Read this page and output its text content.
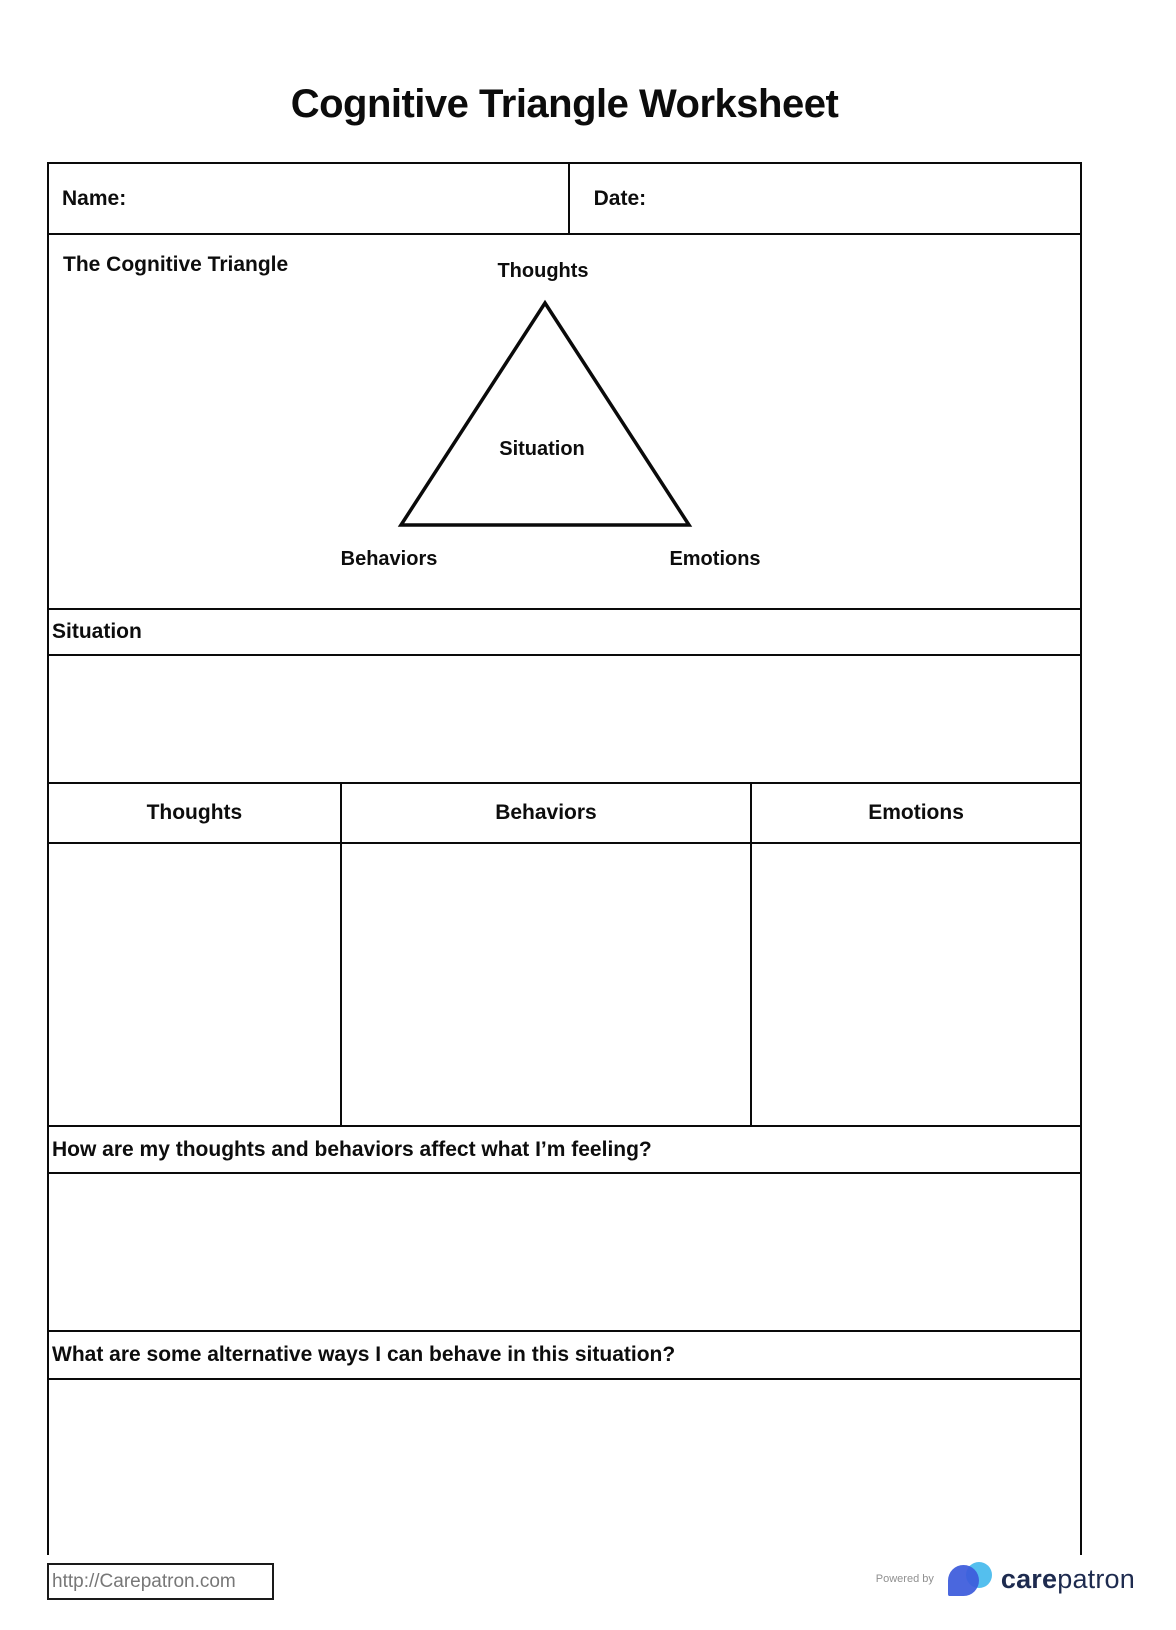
Cognitive Triangle Worksheet
Name:	Date:
The Cognitive Triangle	Thoughts
Situation
Behaviors	Emotions
Situation
Thoughts	Behaviors	Emotions
How are my thoughts and behaviors affect what I’m feeling?
What are some alternative ways I can behave in this situation?
http://Carepatron.com	Powered by carepatron
